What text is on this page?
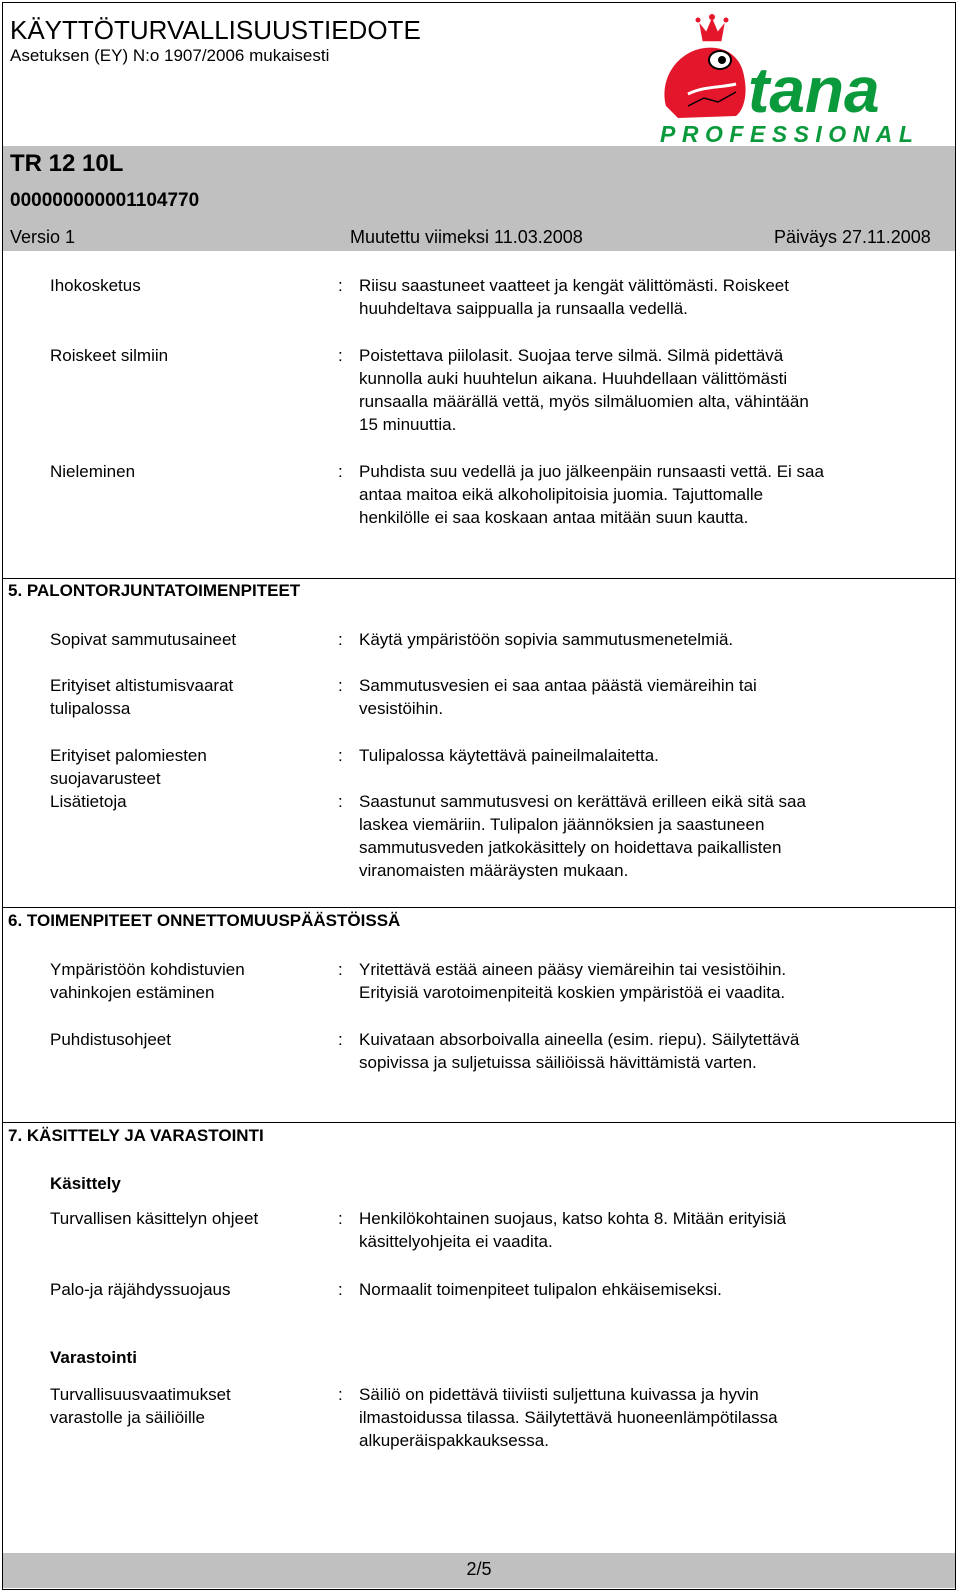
KÄYTTÖTURVALLISUUSTIEDOTE
Asetuksen (EY) N:o 1907/2006 mukaisesti	tana
PROFESSIONAL
TR 12 10L
000000000001104770
Versio 1	Muutettu viimeksi 11.03.2008	Päiväys 27.11.2008
Ihokosketus	: Riisu saastuneet vaatteet ja kengät välittömästi. Roiskeet
huuhdeltava saippualla ja runsaalla vedellä.
Roiskeet silmiin	: Poistettava piilolasit. Suojaa terve silmä. Silmä pidettävä
kunnolla auki huuhtelun aikana. Huuhdellaan välittömästi
runsaalla määrällä vettä, myös silmäluomien alta, vähintään
15 minuuttia.
Nieleminen	: Puhdista suu vedellä ja juo jälkeenpäin runsaasti vettä. Ei saa
antaa maitoa eikä alkoholipitoisia juomia. Tajuttomalle
henkilölle ei saa koskaan antaa mitään suun kautta.
5. PALONTORJUNTATOIMENPITEET
Sopivat sammutusaineet	: Käytä ympäristöön sopivia sammutusmenetelmiä.
Erityiset altistumisvaarat
tulipalossa
: Sammutusvesien ei saa antaa päästä viemäreihin tai
vesistöihin.
Erityiset palomiesten
suojavarusteet
: Tulipalossa käytettävä paineilmalaitetta.
Lisätietoja	: Saastunut sammutusvesi on kerättävä erilleen eikä sitä saa
laskea viemäriin. Tulipalon jäännöksien ja saastuneen
sammutusveden jatkokäsittely on hoidettava paikallisten
viranomaisten määräysten mukaan.
6. TOIMENPITEET ONNETTOMUUSPÄÄSTÖISSÄ
Ympäristöön kohdistuvien
vahinkojen estäminen
: Yritettävä estää aineen pääsy viemäreihin tai vesistöihin.
Erityisiä varotoimenpiteitä koskien ympäristöä ei vaadita.
Puhdistusohjeet	: Kuivataan absorboivalla aineella (esim. riepu). Säilytettävä
sopivissa ja suljetuissa säiliöissä hävittämistä varten.
7. KÄSITTELY JA VARASTOINTI
Käsittely
Turvallisen käsittelyn ohjeet	: Henkilökohtainen suojaus, katso kohta 8. Mitään erityisiä
käsittelyohjeita ei vaadita.
Palo-ja räjähdyssuojaus	: Normaalit toimenpiteet tulipalon ehkäisemiseksi.
Varastointi
Turvallisuusvaatimukset
varastolle ja säiliöille
: Säiliö on pidettävä tiiviisti suljettuna kuivassa ja hyvin
ilmastoidussa tilassa. Säilytettävä huoneenlämpötilassa
alkuperäispakkauksessa.
2/5
